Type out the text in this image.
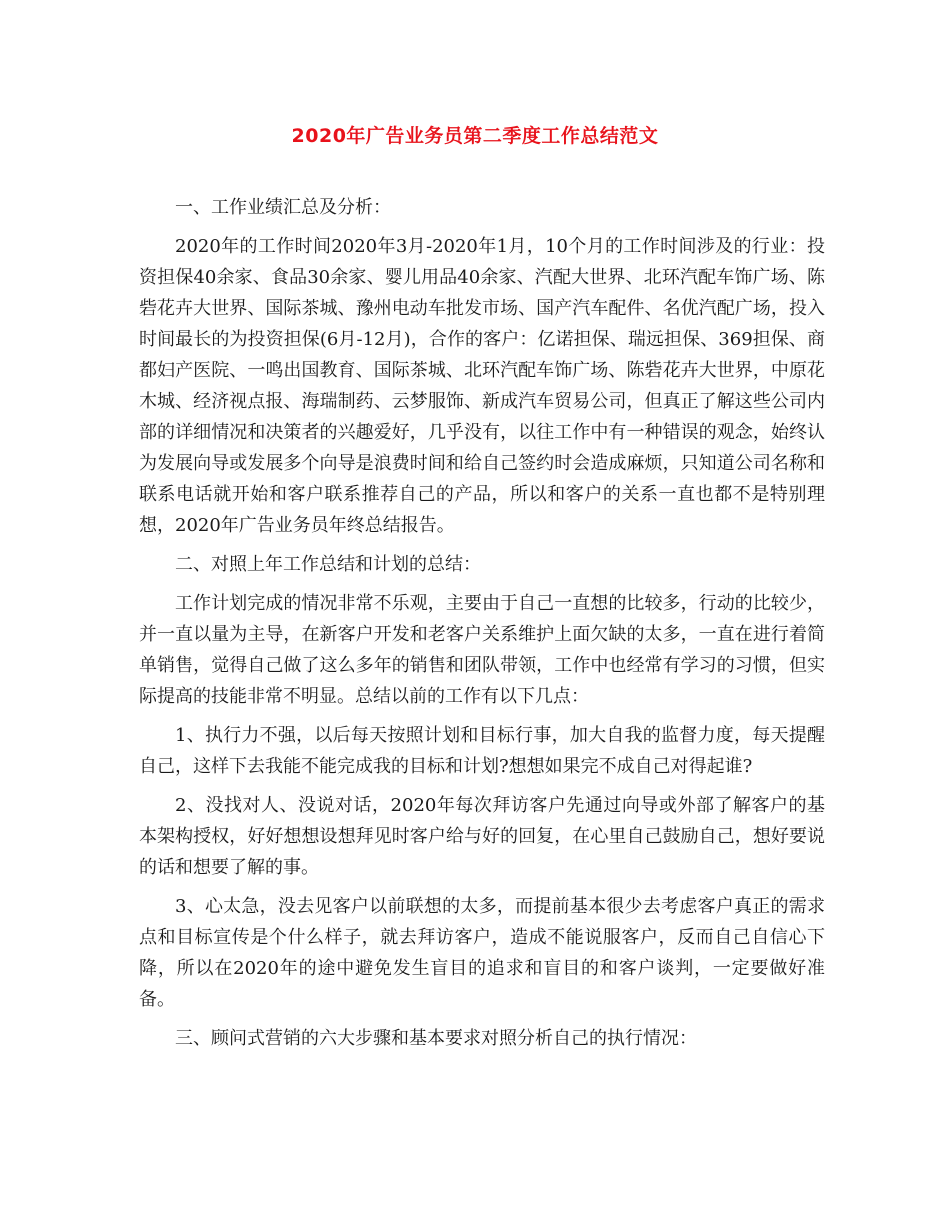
2020年广告业务员第二季度工作总结范文

一、工作业绩汇总及分析：

2020年的工作时间2020年3月-2020年1月，10个月的工作时间涉及的行业：投资担保40余家、食品30余家、婴儿用品40余家、汽配大世界、北环汽配车饰广场、陈砦花卉大世界、国际茶城、豫州电动车批发市场、国产汽车配件、名优汽配广场，投入时间最长的为投资担保(6月-12月)，合作的客户：亿诺担保、瑞远担保、369担保、商都妇产医院、一鸣出国教育、国际茶城、北环汽配车饰广场、陈砦花卉大世界，中原花木城、经济视点报、海瑞制药、云梦服饰、新成汽车贸易公司，但真正了解这些公司内部的详细情况和决策者的兴趣爱好，几乎没有，以往工作中有一种错误的观念，始终认为发展向导或发展多个向导是浪费时间和给自己签约时会造成麻烦，只知道公司名称和联系电话就开始和客户联系推荐自己的产品，所以和客户的关系一直也都不是特别理想，2020年广告业务员年终总结报告。

二、对照上年工作总结和计划的总结：

工作计划完成的情况非常不乐观，主要由于自己一直想的比较多，行动的比较少，并一直以量为主导，在新客户开发和老客户关系维护上面欠缺的太多，一直在进行着简单销售，觉得自己做了这么多年的销售和团队带领，工作中也经常有学习的习惯，但实际提高的技能非常不明显。总结以前的工作有以下几点：

1、执行力不强，以后每天按照计划和目标行事，加大自我的监督力度，每天提醒自己，这样下去我能不能完成我的目标和计划?想想如果完不成自己对得起谁?

2、没找对人、没说对话，2020年每次拜访客户先通过向导或外部了解客户的基本架构授权，好好想想设想拜见时客户给与好的回复，在心里自己鼓励自己，想好要说的话和想要了解的事。

3、心太急，没去见客户以前联想的太多，而提前基本很少去考虑客户真正的需求点和目标宣传是个什么样子，就去拜访客户，造成不能说服客户，反而自己自信心下降，所以在2020年的途中避免发生盲目的追求和盲目的和客户谈判，一定要做好准备。

三、顾问式营销的六大步骤和基本要求对照分析自己的执行情况：
